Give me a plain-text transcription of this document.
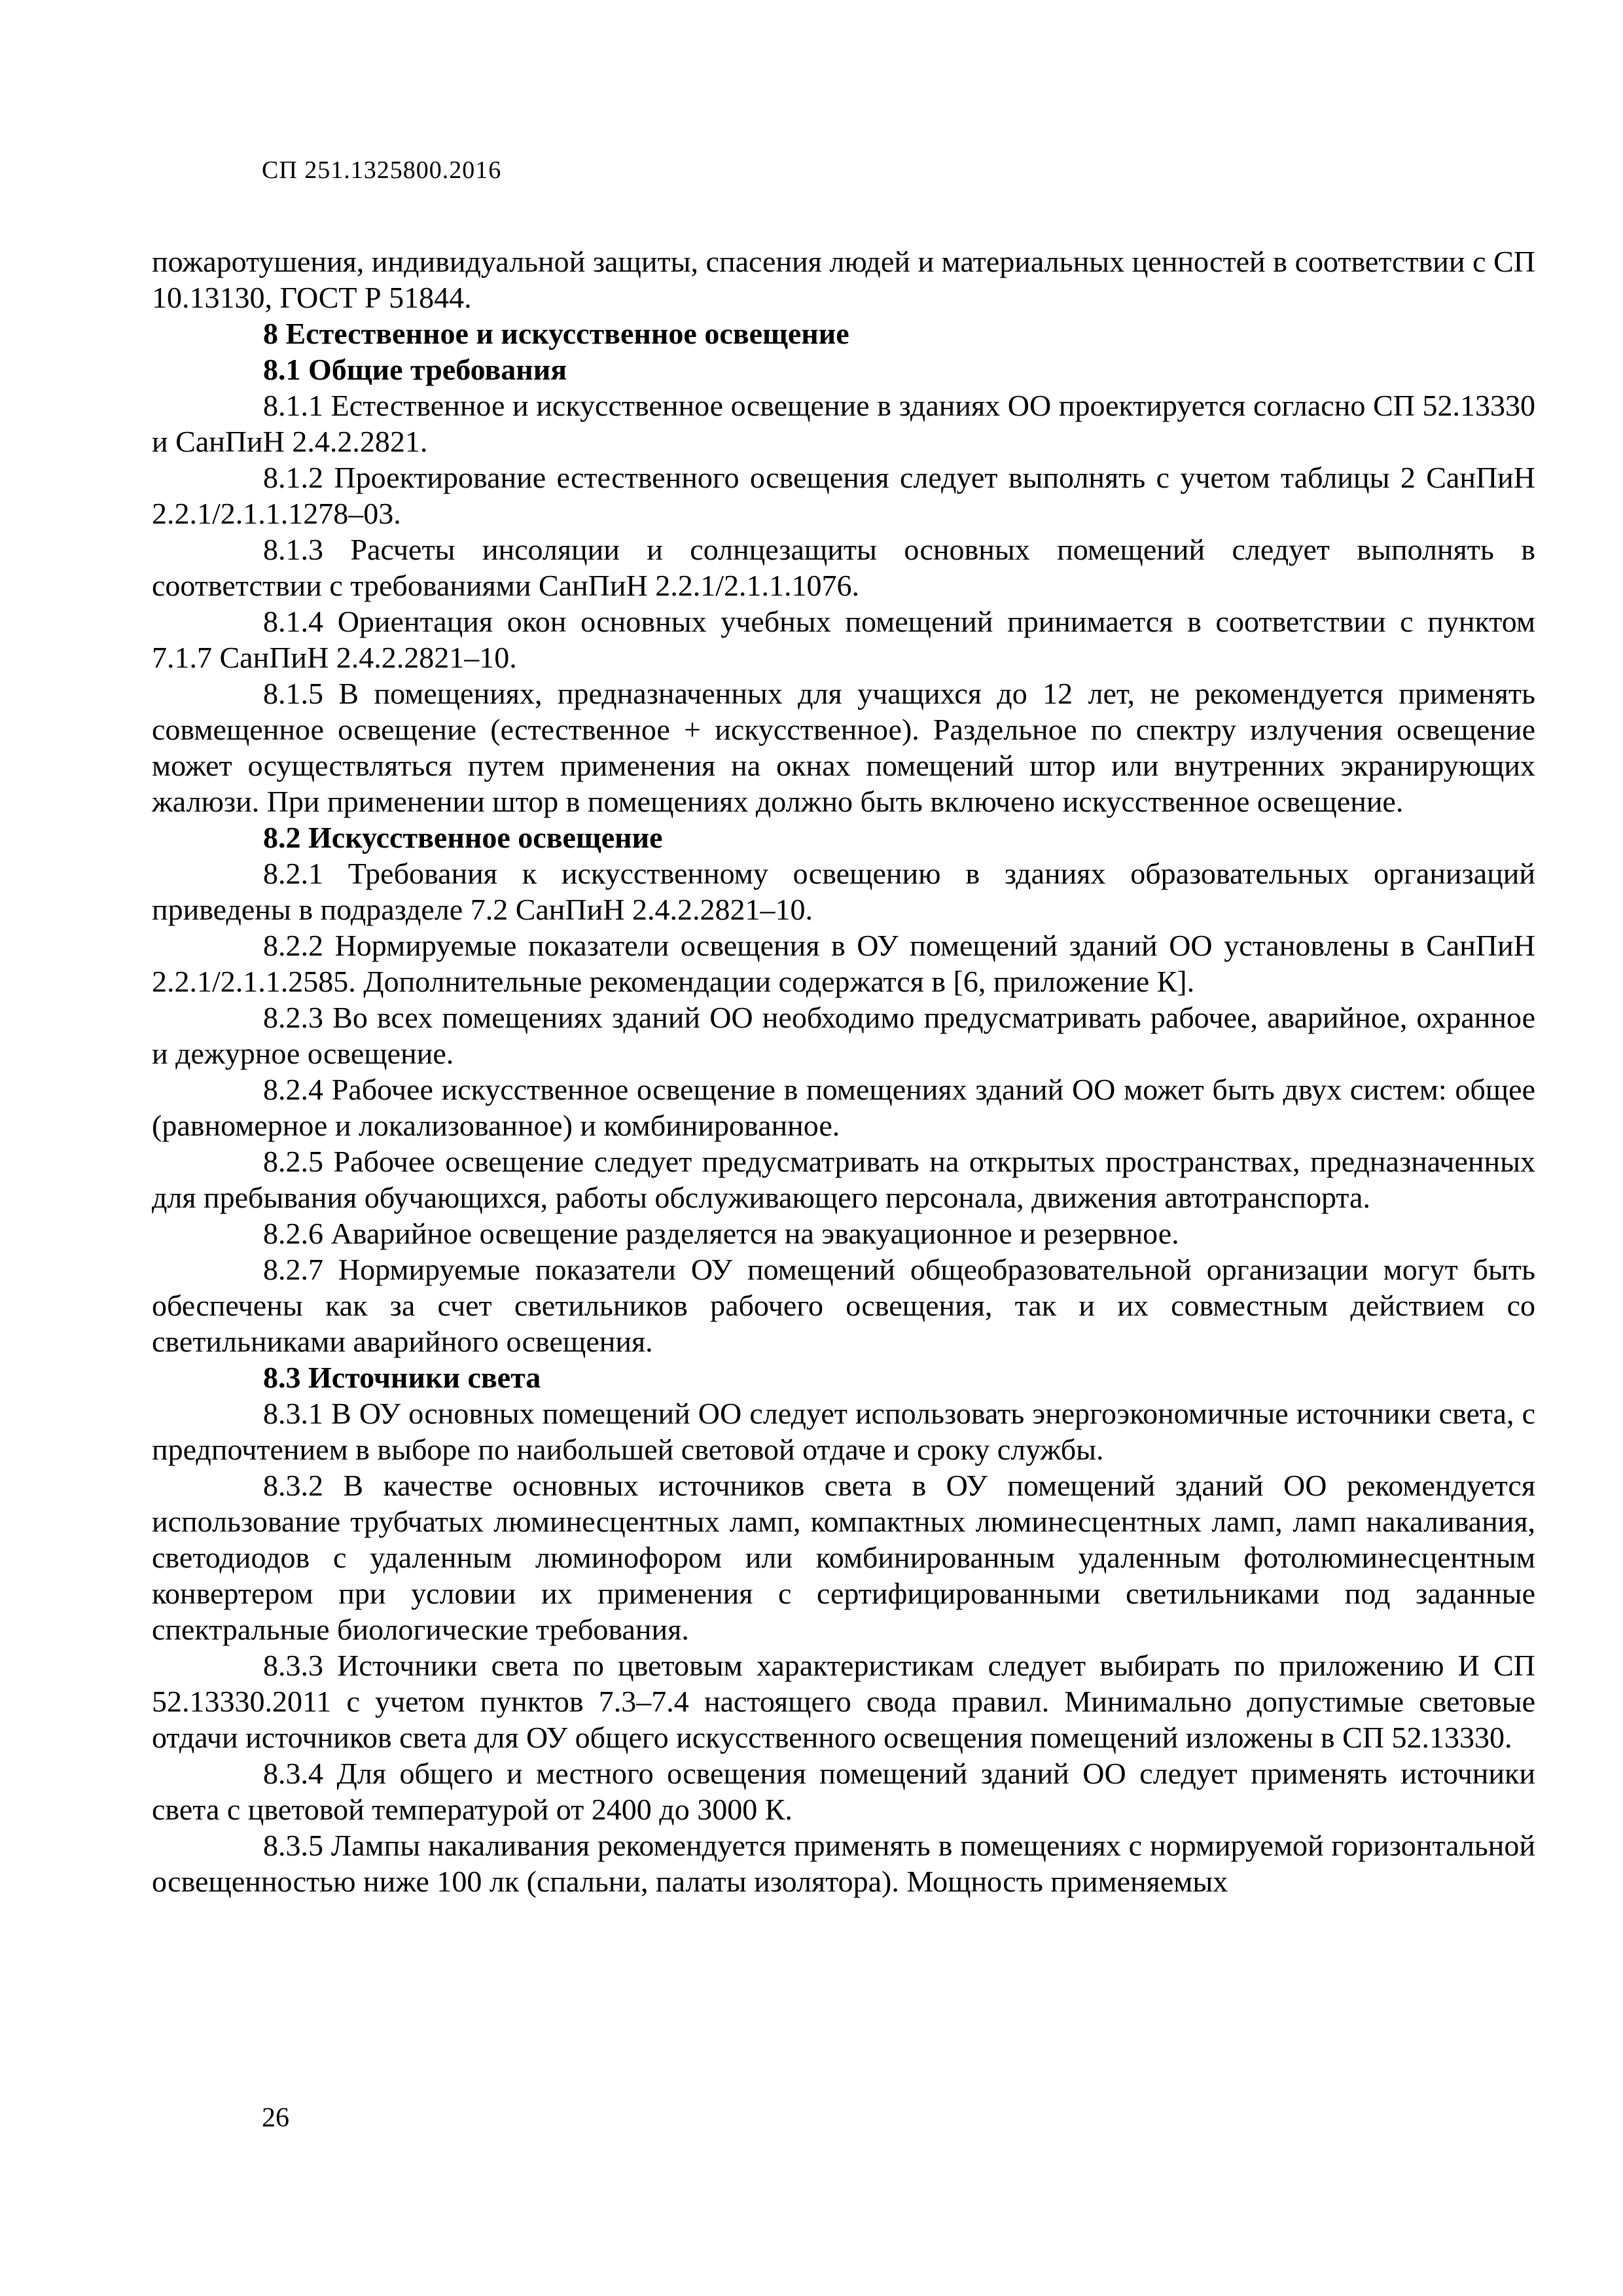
СП 251.1325800.2016

пожаротушения, индивидуальной защиты, спасения людей и материальных ценностей в соответствии с СП 10.13130, ГОСТ Р 51844.

8 Естественное и искусственное освещение
8.1 Общие требования

8.1.1 Естественное и искусственное освещение в зданиях ОО проектируется согласно СП 52.13330 и СанПиН 2.4.2.2821.

8.1.2 Проектирование естественного освещения следует выполнять с учетом таблицы 2 СанПиН 2.2.1/2.1.1.1278–03.

8.1.3 Расчеты инсоляции и солнцезащиты основных помещений следует выполнять в соответствии с требованиями СанПиН 2.2.1/2.1.1.1076.

8.1.4 Ориентация окон основных учебных помещений принимается в соответствии с пунктом 7.1.7 СанПиН 2.4.2.2821–10.

8.1.5 В помещениях, предназначенных для учащихся до 12 лет, не рекомендуется применять совмещенное освещение (естественное + искусственное). Раздельное по спектру излучения освещение может осуществляться путем применения на окнах помещений штор или внутренних экранирующих жалюзи. При применении штор в помещениях должно быть включено искусственное освещение.

8.2 Искусственное освещение

8.2.1 Требования к искусственному освещению в зданиях образовательных организаций приведены в подразделе 7.2 СанПиН 2.4.2.2821–10.

8.2.2 Нормируемые показатели освещения в ОУ помещений зданий ОО установлены в СанПиН 2.2.1/2.1.1.2585. Дополнительные рекомендации содержатся в [6, приложение К].

8.2.3 Во всех помещениях зданий ОО необходимо предусматривать рабочее, аварийное, охранное и дежурное освещение.

8.2.4 Рабочее искусственное освещение в помещениях зданий ОО может быть двух систем: общее (равномерное и локализованное) и комбинированное.

8.2.5 Рабочее освещение следует предусматривать на открытых пространствах, предназначенных для пребывания обучающихся, работы обслуживающего персонала, движения автотранспорта.

8.2.6 Аварийное освещение разделяется на эвакуационное и резервное.

8.2.7 Нормируемые показатели ОУ помещений общеобразовательной организации могут быть обеспечены как за счет светильников рабочего освещения, так и их совместным действием со светильниками аварийного освещения.

8.3 Источники света

8.3.1 В ОУ основных помещений ОО следует использовать энергоэкономичные источники света, с предпочтением в выборе по наибольшей световой отдаче и сроку службы.

8.3.2 В качестве основных источников света в ОУ помещений зданий ОО рекомендуется использование трубчатых люминесцентных ламп, компактных люминесцентных ламп, ламп накаливания, светодиодов с удаленным люминофором или комбинированным удаленным фотолюминесцентным конвертером при условии их применения с сертифицированными светильниками под заданные спектральные биологические требования.

8.3.3 Источники света по цветовым характеристикам следует выбирать по приложению И СП 52.13330.2011 с учетом пунктов 7.3–7.4 настоящего свода правил. Минимально допустимые световые отдачи источников света для ОУ общего искусственного освещения помещений изложены в СП 52.13330.

8.3.4 Для общего и местного освещения помещений зданий ОО следует применять источники света с цветовой температурой от 2400 до 3000 К.

8.3.5 Лампы накаливания рекомендуется применять в помещениях с нормируемой горизонтальной освещенностью ниже 100 лк (спальни, палаты изолятора). Мощность применяемых

26
